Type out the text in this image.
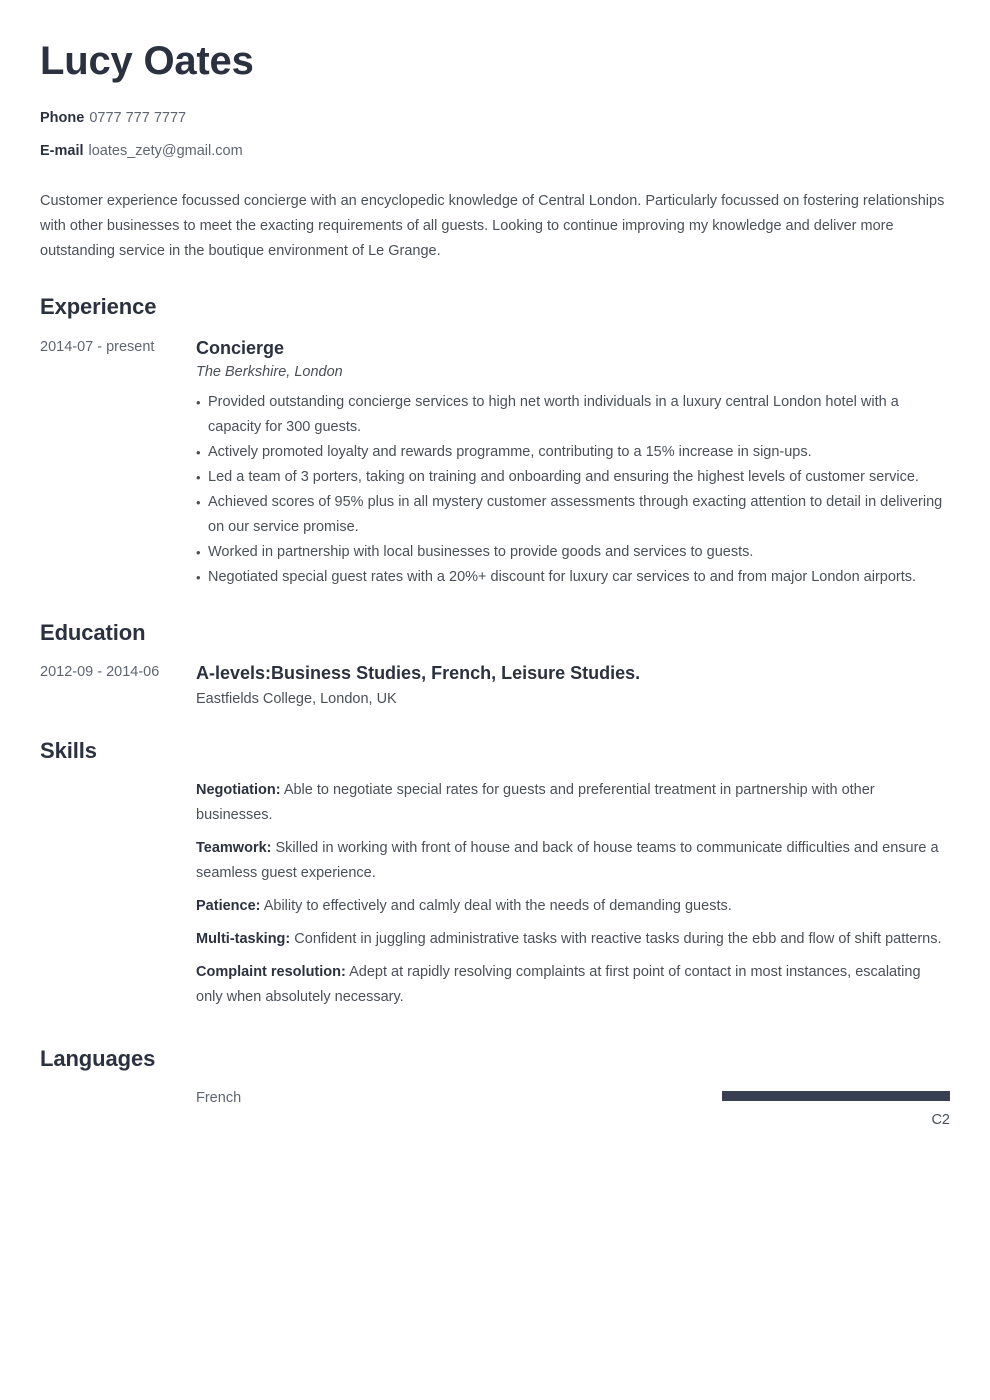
Lucy Oates
Phone 0777 777 7777
E-mail loates_zety@gmail.com

Customer experience focussed concierge with an encyclopedic knowledge of Central London. Particularly focussed on fostering relationships with other businesses to meet the exacting requirements of all guests. Looking to continue improving my knowledge and deliver more outstanding service in the boutique environment of Le Grange.

Experience
2014-07 - present	Concierge
The Berkshire, London
• Provided outstanding concierge services to high net worth individuals in a luxury central London hotel with a capacity for 300 guests.
• Actively promoted loyalty and rewards programme, contributing to a 15% increase in sign-ups.
• Led a team of 3 porters, taking on training and onboarding and ensuring the highest levels of customer service.
• Achieved scores of 95% plus in all mystery customer assessments through exacting attention to detail in delivering on our service promise.
• Worked in partnership with local businesses to provide goods and services to guests.
• Negotiated special guest rates with a 20%+ discount for luxury car services to and from major London airports.
Education
2012-09 - 2014-06	A-levels:Business Studies, French, Leisure Studies.
Eastfields College, London, UK
Skills
Negotiation: Able to negotiate special rates for guests and preferential treatment in partnership with other businesses.
Teamwork: Skilled in working with front of house and back of house teams to communicate difficulties and ensure a seamless guest experience.
Patience: Ability to effectively and calmly deal with the needs of demanding guests.
Multi-tasking: Confident in juggling administrative tasks with reactive tasks during the ebb and flow of shift patterns.
Complaint resolution: Adept at rapidly resolving complaints at first point of contact in most instances, escalating only when absolutely necessary.
Languages
French
C2
